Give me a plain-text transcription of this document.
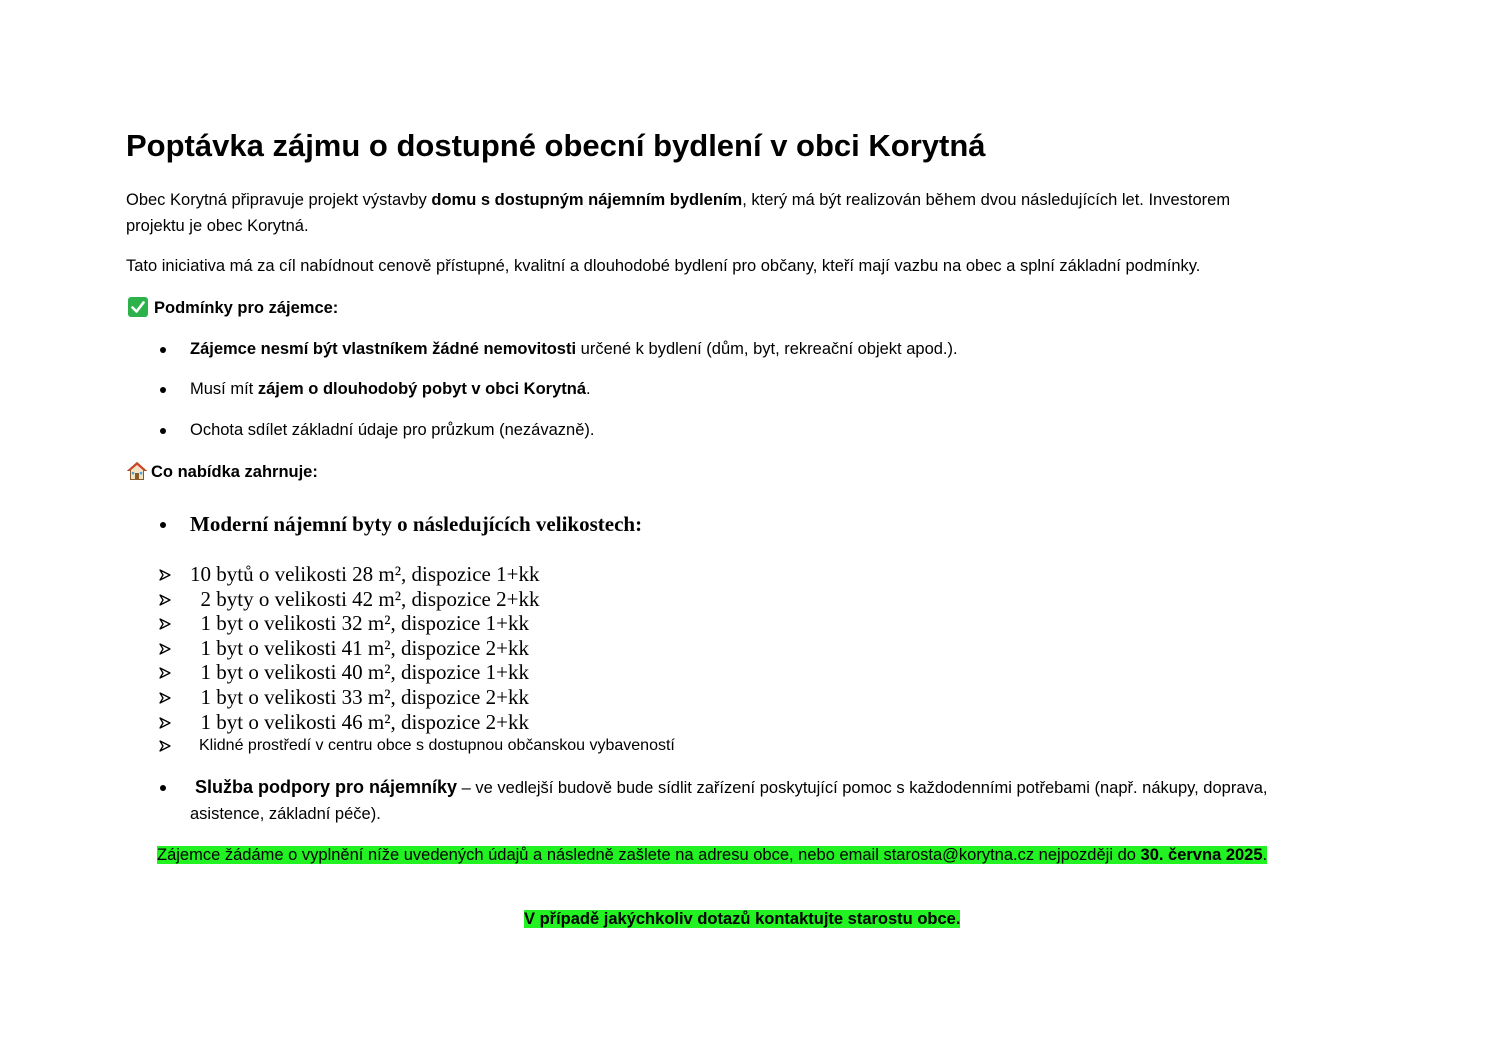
Poptávka zájmu o dostupné obecní bydlení v obci Korytná
Obec Korytná připravuje projekt výstavby domu s dostupným nájemním bydlením, který má být realizován během dvou následujících let. Investorem
projektu je obec Korytná.
Tato iniciativa má za cíl nabídnout cenově přístupné, kvalitní a dlouhodobé bydlení pro občany, kteří mají vazbu na obec a splní základní podmínky.
Podmínky pro zájemce:
Zájemce nesmí být vlastníkem žádné nemovitosti určené k bydlení (dům, byt, rekreační objekt apod.).
Musí mít zájem o dlouhodobý pobyt v obci Korytná.
Ochota sdílet základní údaje pro průzkum (nezávazně).
Co nabídka zahrnuje:
Moderní nájemní byty o následujících velikostech:
10 bytů o velikosti 28 m², dispozice 1+kk
2 byty o velikosti 42 m², dispozice 2+kk
1 byt o velikosti 32 m², dispozice 1+kk
1 byt o velikosti 41 m², dispozice 2+kk
1 byt o velikosti 40 m², dispozice 1+kk
1 byt o velikosti 33 m², dispozice 2+kk
1 byt o velikosti 46 m², dispozice 2+kk
Klidné prostředí v centru obce s dostupnou občanskou vybaveností
Služba podpory pro nájemníky – ve vedlejší budově bude sídlit zařízení poskytující pomoc s každodenními potřebami (např. nákupy, doprava,
asistence, základní péče).
Zájemce žádáme o vyplnění níže uvedených údajů a následně zašlete na adresu obce, nebo email starosta@korytna.cz nejpozději do 30. června 2025.
V případě jakýchkoliv dotazů kontaktujte starostu obce.
